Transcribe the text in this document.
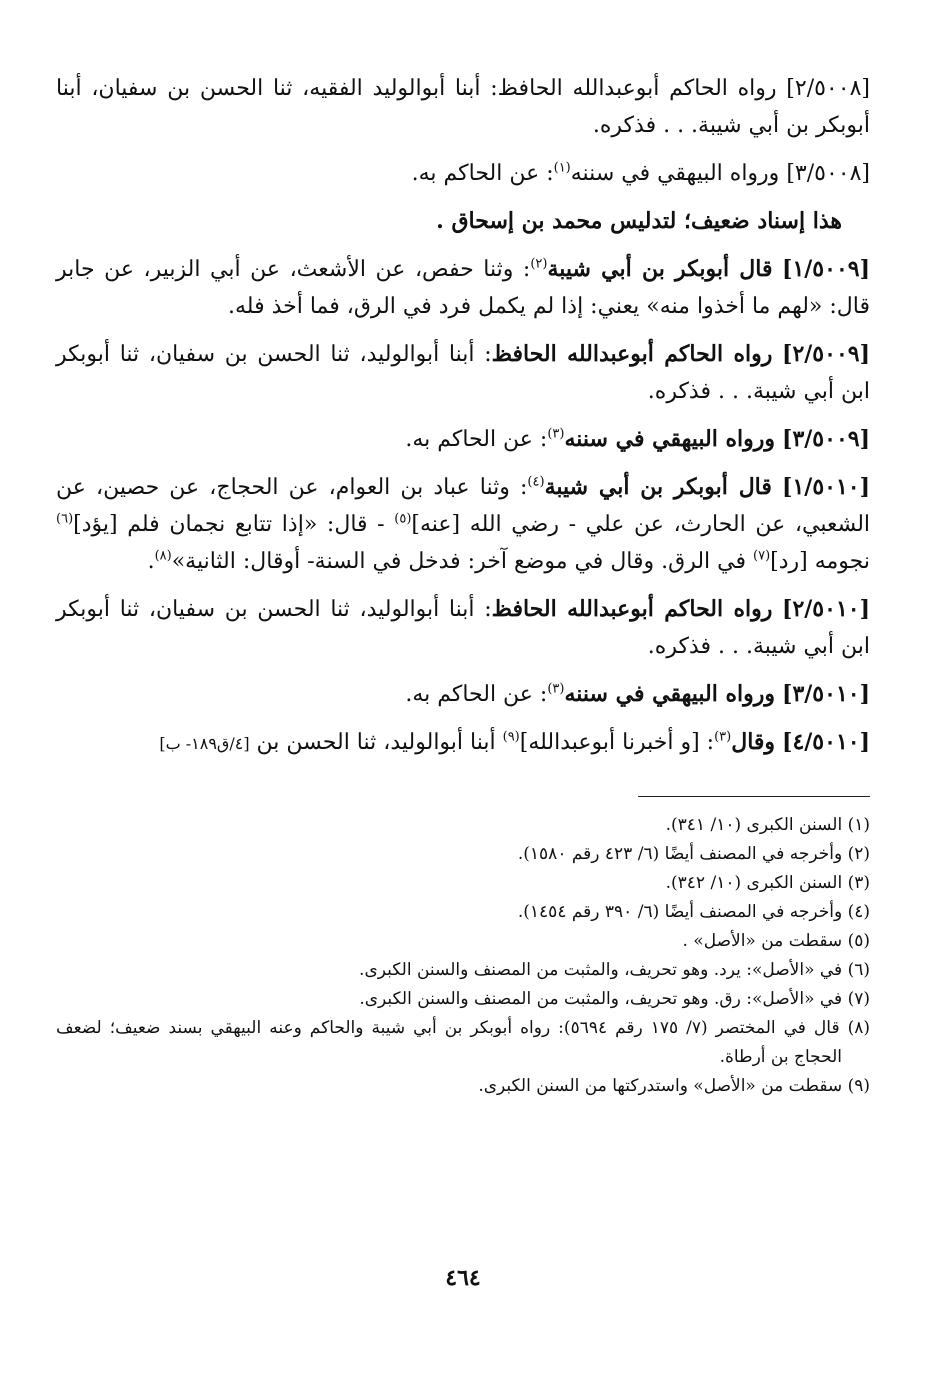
[٢/٥٠٠٨] رواه الحاكم أبوعبدالله الحافظ: أبنا أبوالوليد الفقيه، ثنا الحسن بن سفيان، أبنا أبوبكر بن أبي شيبة. . . فذكره.

[٣/٥٠٠٨] ورواه البيهقي في سننه$^{(١)}$: عن الحاكم به.

هذا إسناد ضعيف؛ لتدليس محمد بن إسحاق .

[١/٥٠٠٩] قال أبوبكر بن أبي شيبة$^{(٢)}$: وثنا حفص، عن الأشعث، عن أبي الزبير، عن جابر قال: «لهم ما أخذوا منه» يعني: إذا لم يكمل فرد في الرق، فما أخذ فله.

[٢/٥٠٠٩] رواه الحاكم أبوعبدالله الحافظ: أبنا أبوالوليد، ثنا الحسن بن سفيان، ثنا أبوبكر ابن أبي شيبة. . . فذكره.

[٣/٥٠٠٩] ورواه البيهقي في سننه$^{(٣)}$: عن الحاكم به.

[١/٥٠١٠] قال أبوبكر بن أبي شيبة$^{(٤)}$: وثنا عباد بن العوام، عن الحجاج، عن حصين، عن الشعبي، عن الحارث، عن علي - رضي الله [عنه]$^{(٥)}$ - قال: «إذا تتابع نجمان فلم [يؤد]$^{(٦)}$ نجومه [رد]$^{(٧)}$ في الرق. وقال في موضع آخر: فدخل في السنة- أوقال: الثانية»$^{(٨)}$.

[٢/٥٠١٠] رواه الحاكم أبوعبدالله الحافظ: أبنا أبوالوليد، ثنا الحسن بن سفيان، ثنا أبوبكر ابن أبي شيبة. . . فذكره.

[٣/٥٠١٠] ورواه البيهقي في سننه$^{(٣)}$: عن الحاكم به.

[٤/٥٠١٠] وقال$^{(٣)}$: [و أخبرنا أبوعبدالله]$^{(٩)}$ أبنا أبوالوليد، ثنا الحسن بن [٤/ق١٨٩- ب]

(١) السنن الكبرى (١٠/ ٣٤١).

(٢) وأخرجه في المصنف أيضًا (٦/ ٤٢٣ رقم ١٥٨٠).

(٣) السنن الكبرى (١٠/ ٣٤٢).

(٤) وأخرجه في المصنف أيضًا (٦/ ٣٩٠ رقم ١٤٥٤).

(٥) سقطت من «الأصل» .

(٦) في «الأصل»: يرد. وهو تحريف، والمثبت من المصنف والسنن الكبرى.

(٧) في «الأصل»: رق. وهو تحريف، والمثبت من المصنف والسنن الكبرى.

(٨) قال في المختصر (٧/ ١٧٥ رقم ٥٦٩٤): رواه أبوبكر بن أبي شيبة والحاكم وعنه البيهقي بسند ضعيف؛ لضعف الحجاج بن أرطاة.

(٩) سقطت من «الأصل» واستدركتها من السنن الكبرى.

٤٦٤
